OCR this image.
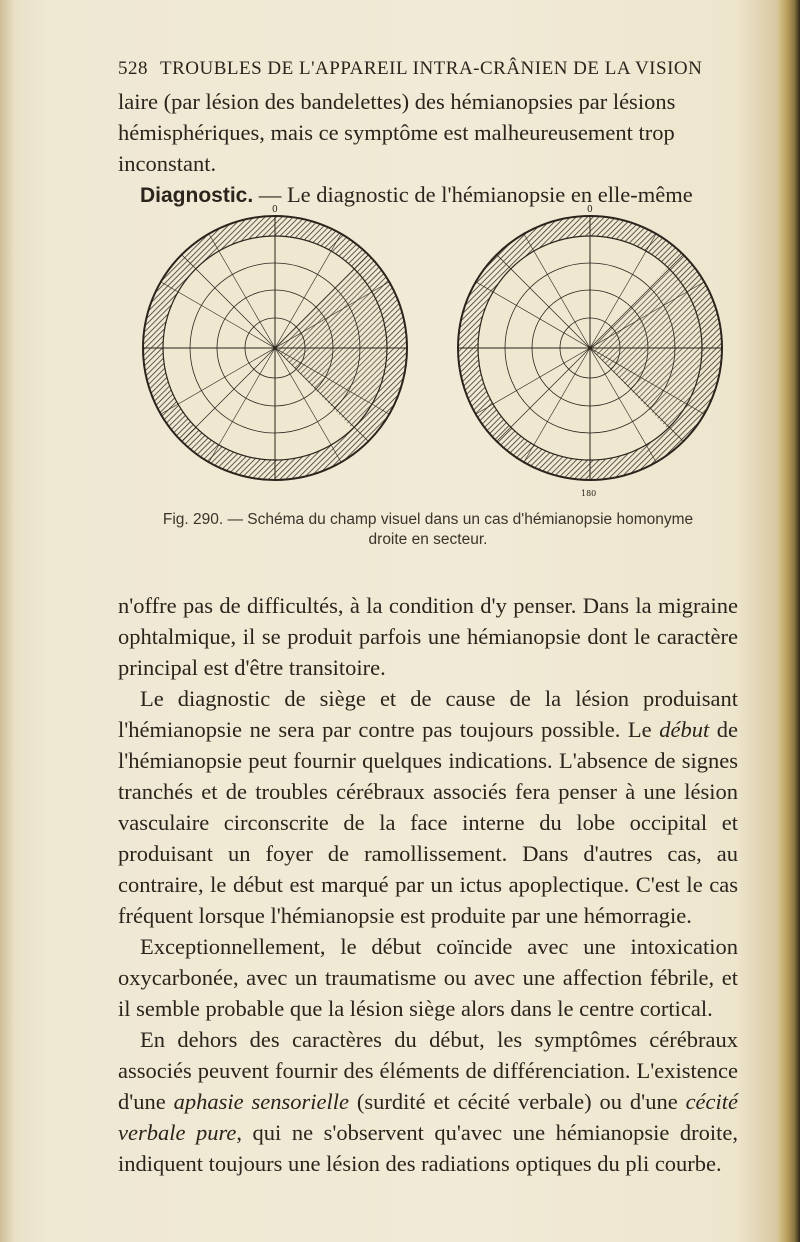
528 TROUBLES DE L'APPAREIL INTRA-CRÂNIEN DE LA VISION

laire (par lésion des bandelettes) des hémianopsies par lésions

hémisphériques, mais ce symptôme est malheureusement trop

inconstant.

Diagnostic. — Le diagnostic de l'hémianopsie en elle-même

0	0
180
Fig. 290. — Schéma du champ visuel dans un cas d'hémianopsie homonyme
droite en secteur.

n'offre pas de difficultés, à la condition d'y penser. Dans la migraine ophtalmique, il se produit parfois une hémianopsie dont le caractère principal est d'être transitoire.

Le diagnostic de siège et de cause de la lésion produisant l'hémianopsie ne sera par contre pas toujours possible. Le début de l'hémianopsie peut fournir quelques indications. L'absence de signes tranchés et de troubles cérébraux associés fera penser à une lésion vasculaire circonscrite de la face interne du lobe occipital et produisant un foyer de ramollissement. Dans d'autres cas, au contraire, le début est marqué par un ictus apoplectique. C'est le cas fréquent lorsque l'hémianopsie est produite par une hémorragie.

Exceptionnellement, le début coïncide avec une intoxication oxycarbonée, avec un traumatisme ou avec une affection fébrile, et il semble probable que la lésion siège alors dans le centre cortical.

En dehors des caractères du début, les symptômes cérébraux associés peuvent fournir des éléments de différenciation. L'existence d'une aphasie sensorielle (surdité et cécité verbale) ou d'une cécité verbale pure, qui ne s'observent qu'avec une hémianopsie droite, indiquent toujours une lésion des radiations optiques du pli courbe.
